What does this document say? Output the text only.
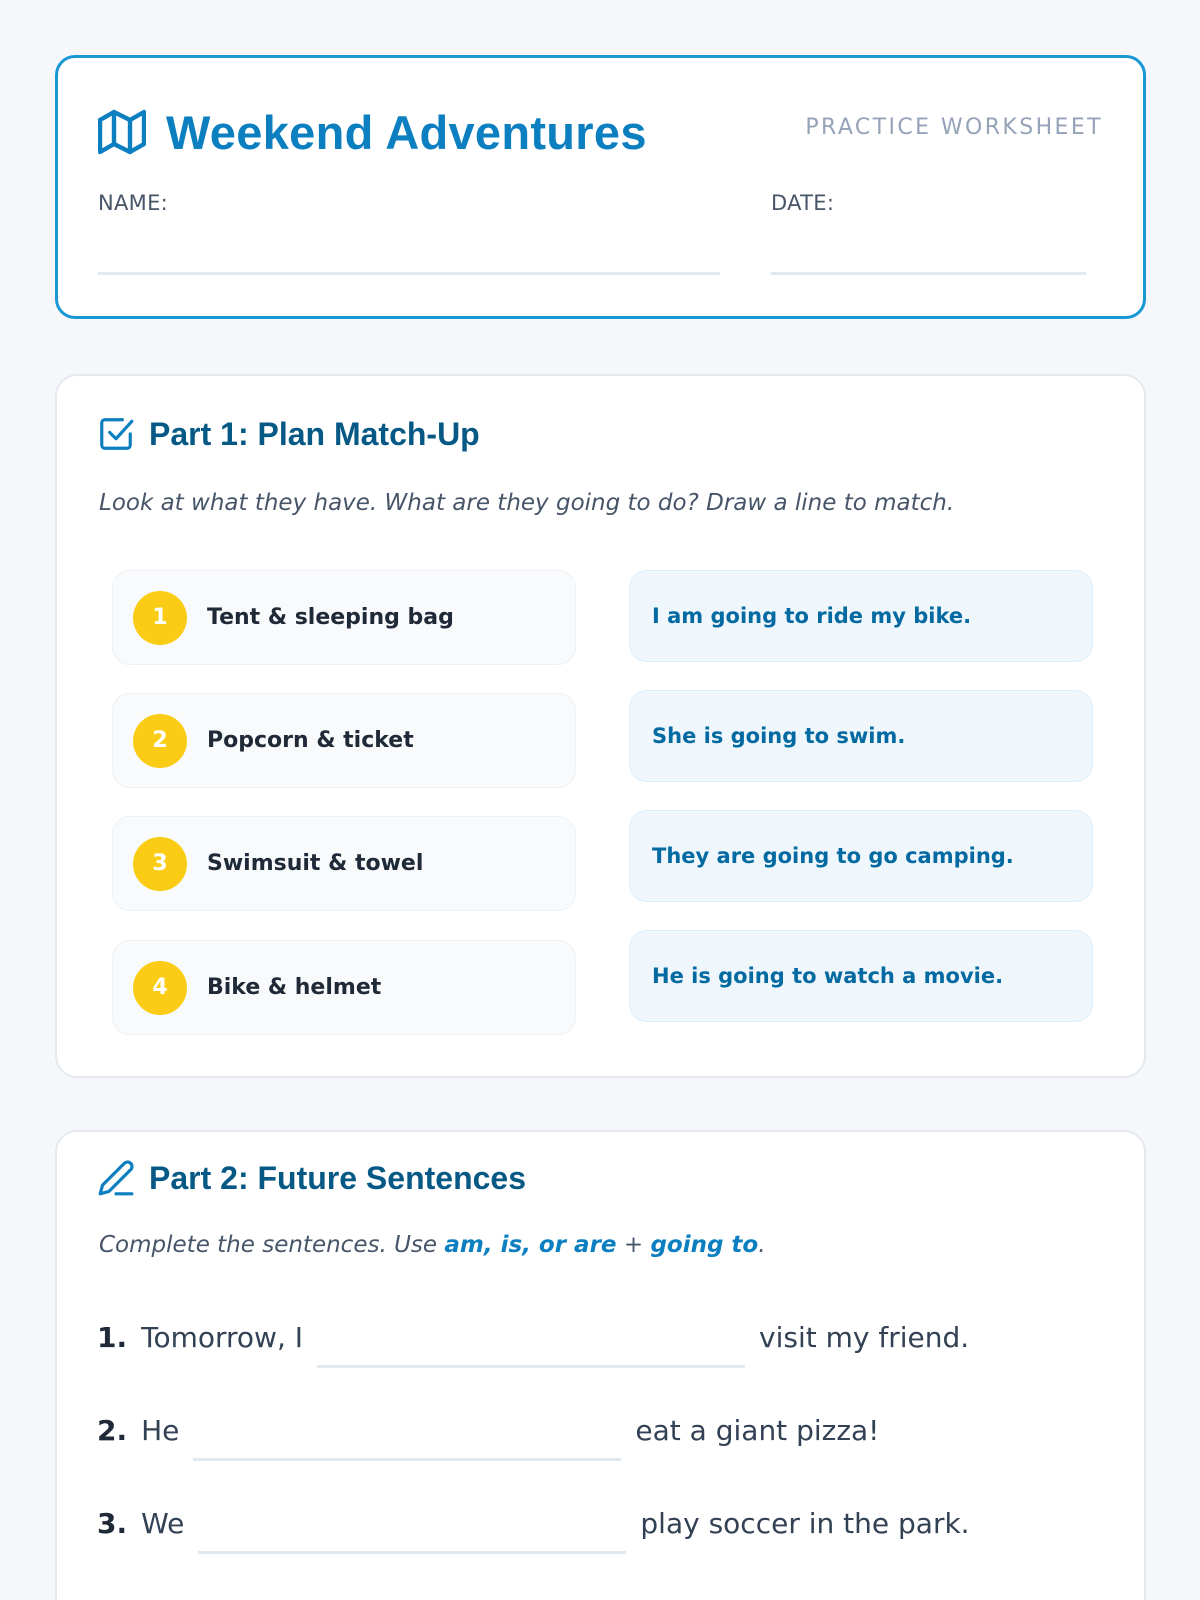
Weekend Adventures	PRACTICE WORKSHEET
NAME:	DATE:
Part 1: Plan Match-Up
Look at what they have. What are they going to do? Draw a line to match.
1	Tent & sleeping bag
2	Popcorn & ticket
3	Swimsuit & towel
4	Bike & helmet
I am going to ride my bike.
She is going to swim.
They are going to go camping.
He is going to watch a movie.
Part 2: Future Sentences
Complete the sentences. Use am, is, or are + going to.
1. Tomorrow, I	visit my friend.
2. He	eat a giant pizza!
3. We	play soccer in the park.
